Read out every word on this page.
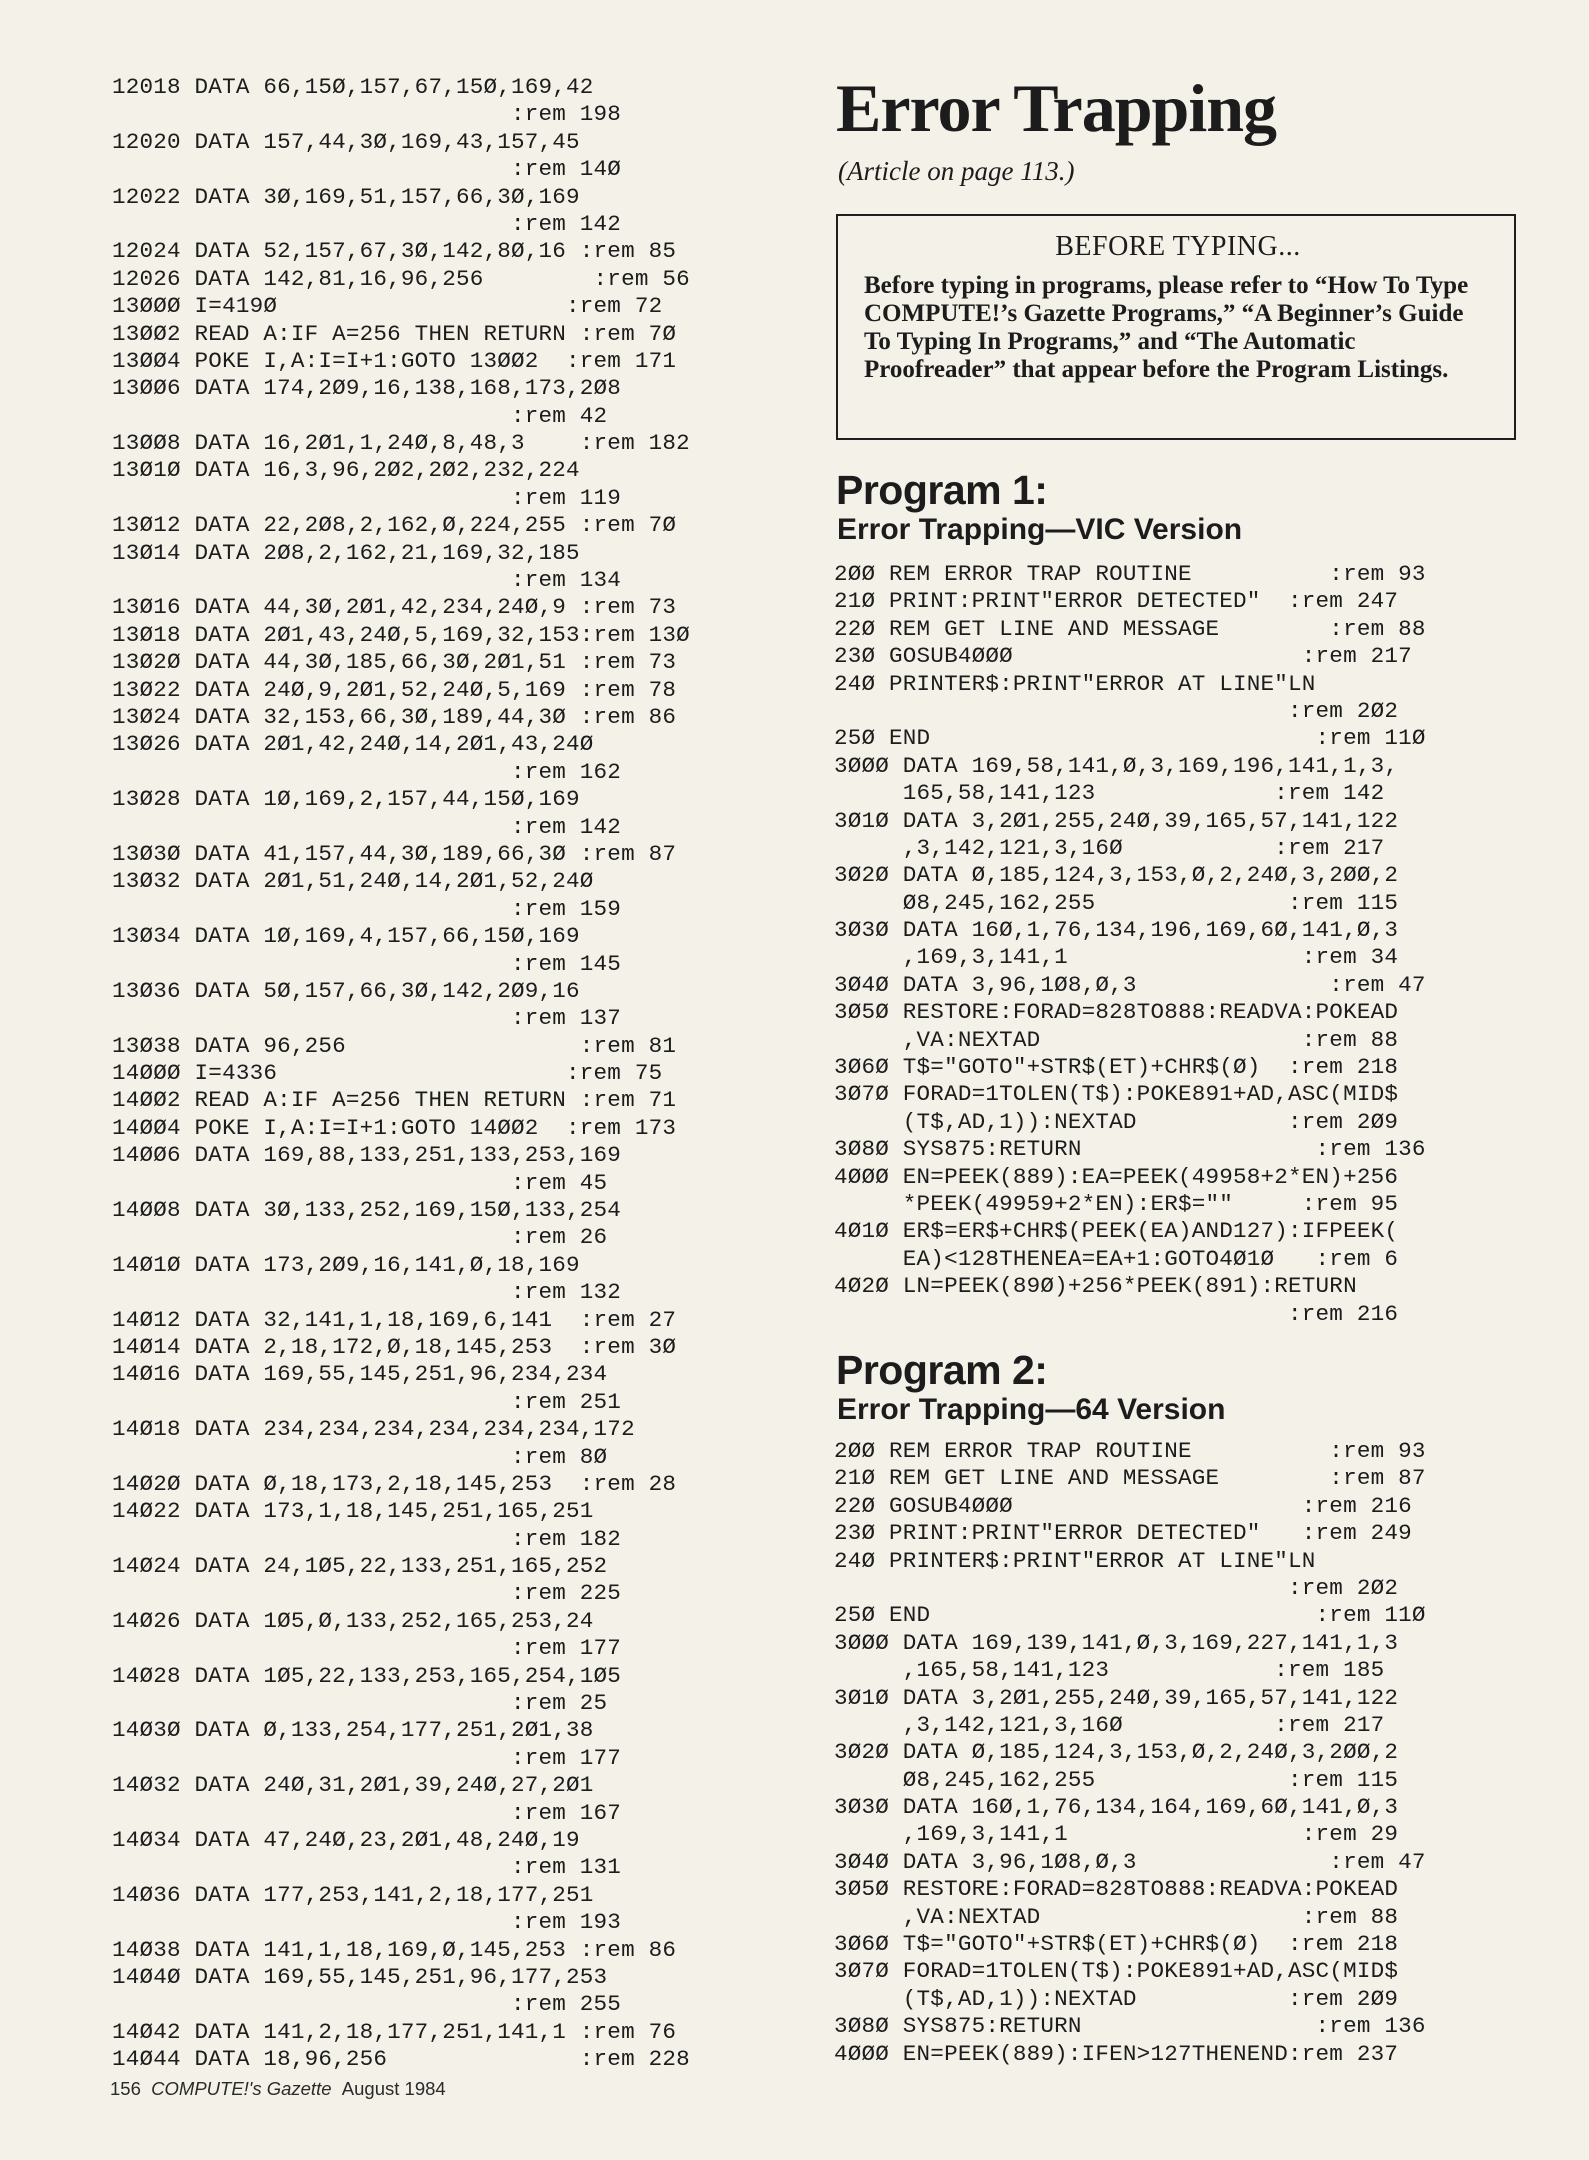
12018 DATA 66,15Ø,157,67,15Ø,169,42
:rem 198
12020 DATA 157,44,3Ø,169,43,157,45
:rem 14Ø
12022 DATA 3Ø,169,51,157,66,3Ø,169
:rem 142
12024 DATA 52,157,67,3Ø,142,8Ø,16 :rem 85
12026 DATA 142,81,16,96,256        :rem 56
13ØØØ I=419Ø                     :rem 72
13ØØ2 READ A:IF A=256 THEN RETURN :rem 7Ø
13ØØ4 POKE I,A:I=I+1:GOTO 13ØØ2  :rem 171
13ØØ6 DATA 174,2Ø9,16,138,168,173,2Ø8
:rem 42
13ØØ8 DATA 16,2Ø1,1,24Ø,8,48,3    :rem 182
13Ø1Ø DATA 16,3,96,2Ø2,2Ø2,232,224
:rem 119
13Ø12 DATA 22,2Ø8,2,162,Ø,224,255 :rem 7Ø
13Ø14 DATA 2Ø8,2,162,21,169,32,185
:rem 134
13Ø16 DATA 44,3Ø,2Ø1,42,234,24Ø,9 :rem 73
13Ø18 DATA 2Ø1,43,24Ø,5,169,32,153:rem 13Ø
13Ø2Ø DATA 44,3Ø,185,66,3Ø,2Ø1,51 :rem 73
13Ø22 DATA 24Ø,9,2Ø1,52,24Ø,5,169 :rem 78
13Ø24 DATA 32,153,66,3Ø,189,44,3Ø :rem 86
13Ø26 DATA 2Ø1,42,24Ø,14,2Ø1,43,24Ø
:rem 162
13Ø28 DATA 1Ø,169,2,157,44,15Ø,169
:rem 142
13Ø3Ø DATA 41,157,44,3Ø,189,66,3Ø :rem 87
13Ø32 DATA 2Ø1,51,24Ø,14,2Ø1,52,24Ø
:rem 159
13Ø34 DATA 1Ø,169,4,157,66,15Ø,169
:rem 145
13Ø36 DATA 5Ø,157,66,3Ø,142,2Ø9,16
:rem 137
13Ø38 DATA 96,256                 :rem 81
14ØØØ I=4336                     :rem 75
14ØØ2 READ A:IF A=256 THEN RETURN :rem 71
14ØØ4 POKE I,A:I=I+1:GOTO 14ØØ2  :rem 173
14ØØ6 DATA 169,88,133,251,133,253,169
:rem 45
14ØØ8 DATA 3Ø,133,252,169,15Ø,133,254
:rem 26
14Ø1Ø DATA 173,2Ø9,16,141,Ø,18,169
:rem 132
14Ø12 DATA 32,141,1,18,169,6,141  :rem 27
14Ø14 DATA 2,18,172,Ø,18,145,253  :rem 3Ø
14Ø16 DATA 169,55,145,251,96,234,234
:rem 251
14Ø18 DATA 234,234,234,234,234,234,172
:rem 8Ø
14Ø2Ø DATA Ø,18,173,2,18,145,253  :rem 28
14Ø22 DATA 173,1,18,145,251,165,251
:rem 182
14Ø24 DATA 24,1Ø5,22,133,251,165,252
:rem 225
14Ø26 DATA 1Ø5,Ø,133,252,165,253,24
:rem 177
14Ø28 DATA 1Ø5,22,133,253,165,254,1Ø5
:rem 25
14Ø3Ø DATA Ø,133,254,177,251,2Ø1,38
:rem 177
14Ø32 DATA 24Ø,31,2Ø1,39,24Ø,27,2Ø1
:rem 167
14Ø34 DATA 47,24Ø,23,2Ø1,48,24Ø,19
:rem 131
14Ø36 DATA 177,253,141,2,18,177,251
:rem 193
14Ø38 DATA 141,1,18,169,Ø,145,253 :rem 86
14Ø4Ø DATA 169,55,145,251,96,177,253
:rem 255
14Ø42 DATA 141,2,18,177,251,141,1 :rem 76
14Ø44 DATA 18,96,256              :rem 228
Error Trapping
(Article on page 113.)
BEFORE TYPING...
Before typing in programs, please refer to “How To Type COMPUTE!’s Gazette Programs,” “A Beginner’s Guide To Typing In Programs,” and “The Automatic Proofreader” that appear before the Program Listings.
Program 1:
Error Trapping—VIC Version
2ØØ REM ERROR TRAP ROUTINE          :rem 93
21Ø PRINT:PRINT"ERROR DETECTED"  :rem 247
22Ø REM GET LINE AND MESSAGE        :rem 88
23Ø GOSUB4ØØØ                     :rem 217
24Ø PRINTER$:PRINT"ERROR AT LINE"LN
:rem 2Ø2
25Ø END                            :rem 11Ø
3ØØØ DATA 169,58,141,Ø,3,169,196,141,1,3,
165,58,141,123             :rem 142
3Ø1Ø DATA 3,2Ø1,255,24Ø,39,165,57,141,122
,3,142,121,3,16Ø           :rem 217
3Ø2Ø DATA Ø,185,124,3,153,Ø,2,24Ø,3,2ØØ,2
Ø8,245,162,255              :rem 115
3Ø3Ø DATA 16Ø,1,76,134,196,169,6Ø,141,Ø,3
,169,3,141,1                 :rem 34
3Ø4Ø DATA 3,96,1Ø8,Ø,3              :rem 47
3Ø5Ø RESTORE:FORAD=828TO888:READVA:POKEAD
,VA:NEXTAD                   :rem 88
3Ø6Ø T$="GOTO"+STR$(ET)+CHR$(Ø)  :rem 218
3Ø7Ø FORAD=1TOLEN(T$):POKE891+AD,ASC(MID$
(T$,AD,1)):NEXTAD           :rem 2Ø9
3Ø8Ø SYS875:RETURN                 :rem 136
4ØØØ EN=PEEK(889):EA=PEEK(49958+2*EN)+256
*PEEK(49959+2*EN):ER$=""     :rem 95
4Ø1Ø ER$=ER$+CHR$(PEEK(EA)AND127):IFPEEK(
EA)<128THENEA=EA+1:GOTO4Ø1Ø   :rem 6
4Ø2Ø LN=PEEK(89Ø)+256*PEEK(891):RETURN
:rem 216
Program 2:
Error Trapping—64 Version
2ØØ REM ERROR TRAP ROUTINE          :rem 93
21Ø REM GET LINE AND MESSAGE        :rem 87
22Ø GOSUB4ØØØ                     :rem 216
23Ø PRINT:PRINT"ERROR DETECTED"   :rem 249
24Ø PRINTER$:PRINT"ERROR AT LINE"LN
:rem 2Ø2
25Ø END                            :rem 11Ø
3ØØØ DATA 169,139,141,Ø,3,169,227,141,1,3
,165,58,141,123            :rem 185
3Ø1Ø DATA 3,2Ø1,255,24Ø,39,165,57,141,122
,3,142,121,3,16Ø           :rem 217
3Ø2Ø DATA Ø,185,124,3,153,Ø,2,24Ø,3,2ØØ,2
Ø8,245,162,255              :rem 115
3Ø3Ø DATA 16Ø,1,76,134,164,169,6Ø,141,Ø,3
,169,3,141,1                 :rem 29
3Ø4Ø DATA 3,96,1Ø8,Ø,3              :rem 47
3Ø5Ø RESTORE:FORAD=828TO888:READVA:POKEAD
,VA:NEXTAD                   :rem 88
3Ø6Ø T$="GOTO"+STR$(ET)+CHR$(Ø)  :rem 218
3Ø7Ø FORAD=1TOLEN(T$):POKE891+AD,ASC(MID$
(T$,AD,1)):NEXTAD           :rem 2Ø9
3Ø8Ø SYS875:RETURN                 :rem 136
4ØØØ EN=PEEK(889):IFEN>127THENEND:rem 237
156 COMPUTE!'s Gazette August 1984
